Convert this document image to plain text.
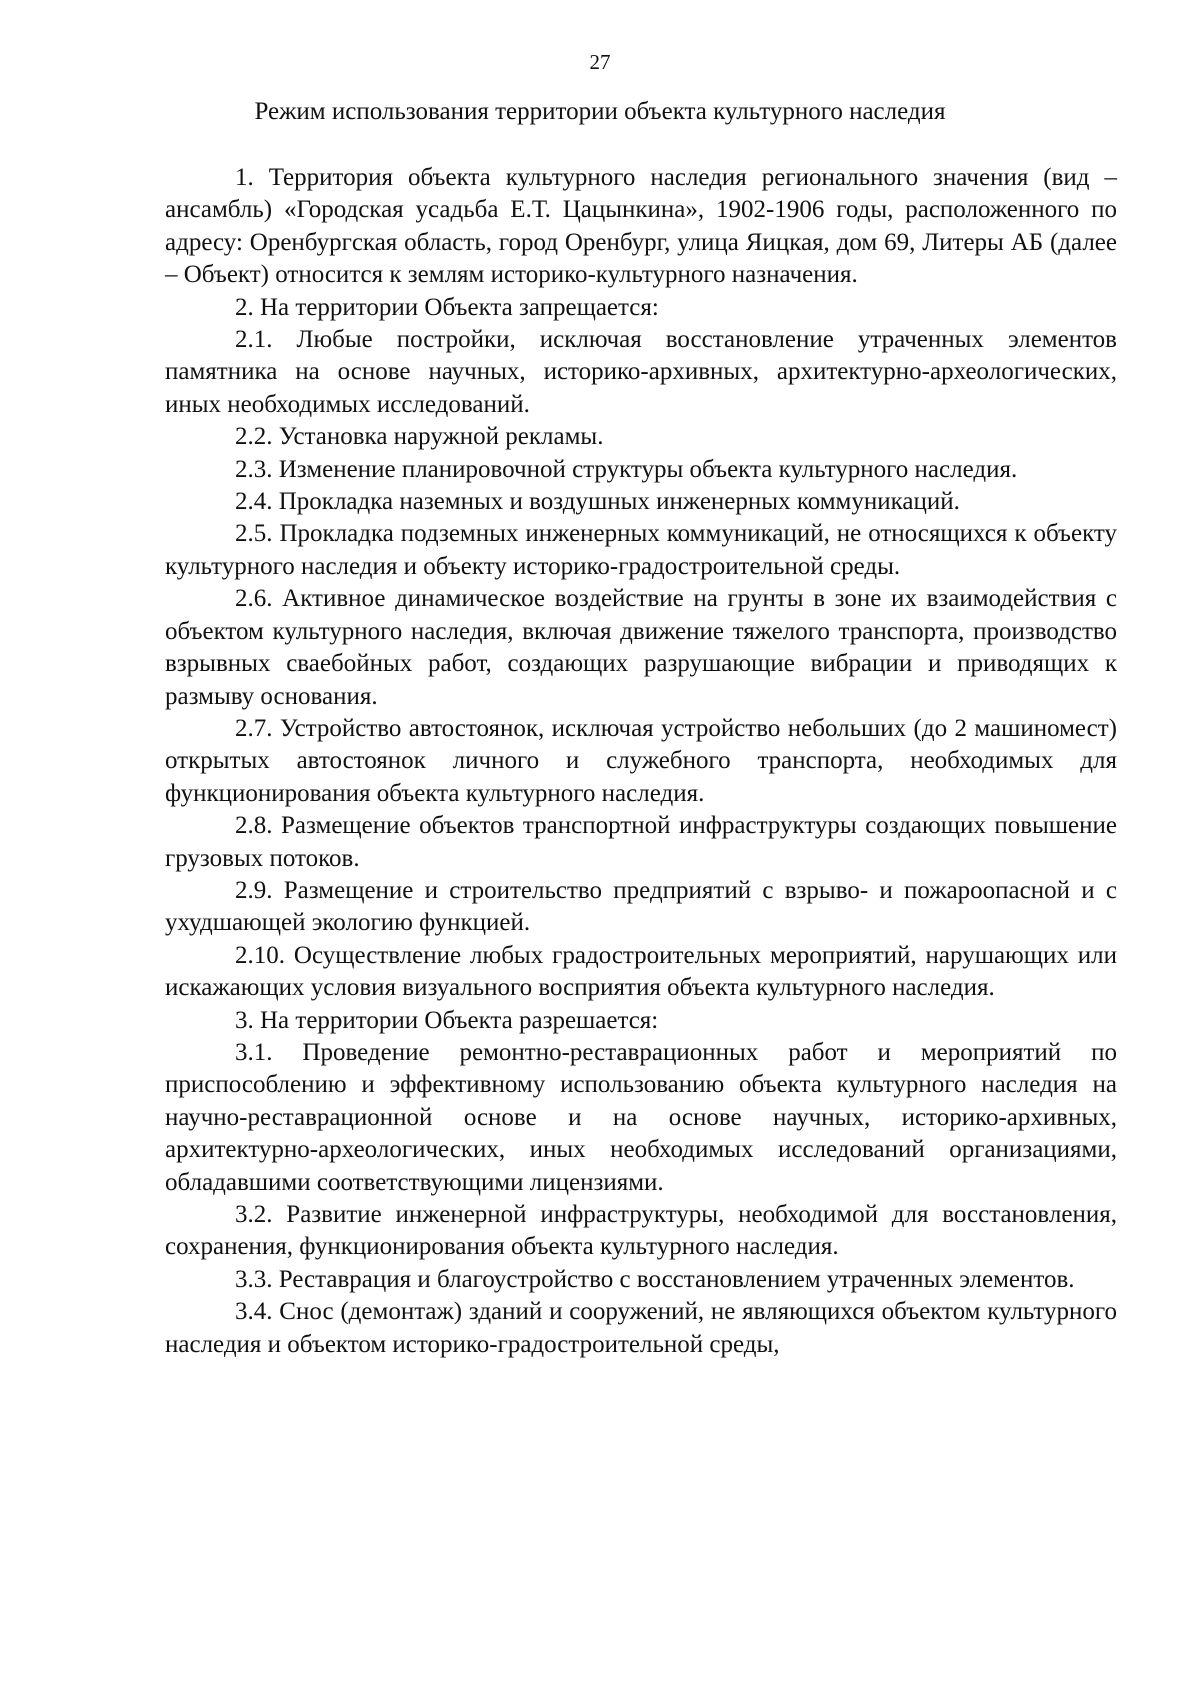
27
Режим использования территории объекта культурного наследия

1. Территория объекта культурного наследия регионального значения (вид – ансамбль) «Городская усадьба Е.Т. Цацынкина», 1902-1906 годы, расположенного по адресу: Оренбургская область, город Оренбург, улица Яицкая, дом 69, Литеры АБ (далее – Объект) относится к землям историко-культурного назначения.

2. На территории Объекта запрещается:

2.1. Любые постройки, исключая восстановление утраченных элементов памятника на основе научных, историко-архивных, архитектурно-археологических, иных необходимых исследований.

2.2. Установка наружной рекламы.

2.3. Изменение планировочной структуры объекта культурного наследия.

2.4. Прокладка наземных и воздушных инженерных коммуникаций.

2.5. Прокладка подземных инженерных коммуникаций, не относящихся к объекту культурного наследия и объекту историко-градостроительной среды.

2.6. Активное динамическое воздействие на грунты в зоне их взаимодействия с объектом культурного наследия, включая движение тяжелого транспорта, производство взрывных сваебойных работ, создающих разрушающие вибрации и приводящих к размыву основания.

2.7. Устройство автостоянок, исключая устройство небольших (до 2 машиномест) открытых автостоянок личного и служебного транспорта, необходимых для функционирования объекта культурного наследия.

2.8. Размещение объектов транспортной инфраструктуры создающих повышение грузовых потоков.

2.9. Размещение и строительство предприятий с взрыво- и пожароопасной и с ухудшающей экологию функцией.

2.10. Осуществление любых градостроительных мероприятий, нарушающих или искажающих условия визуального восприятия объекта культурного наследия.

3. На территории Объекта разрешается:

3.1. Проведение ремонтно-реставрационных работ и мероприятий по приспособлению и эффективному использованию объекта культурного наследия на научно-реставрационной основе и на основе научных, историко-архивных, архитектурно-археологических, иных необходимых исследований организациями, обладавшими соответствующими лицензиями.

3.2. Развитие инженерной инфраструктуры, необходимой для восстановления, сохранения, функционирования объекта культурного наследия.

3.3. Реставрация и благоустройство с восстановлением утраченных элементов.

3.4. Снос (демонтаж) зданий и сооружений, не являющихся объектом культурного наследия и объектом историко-градостроительной среды,
